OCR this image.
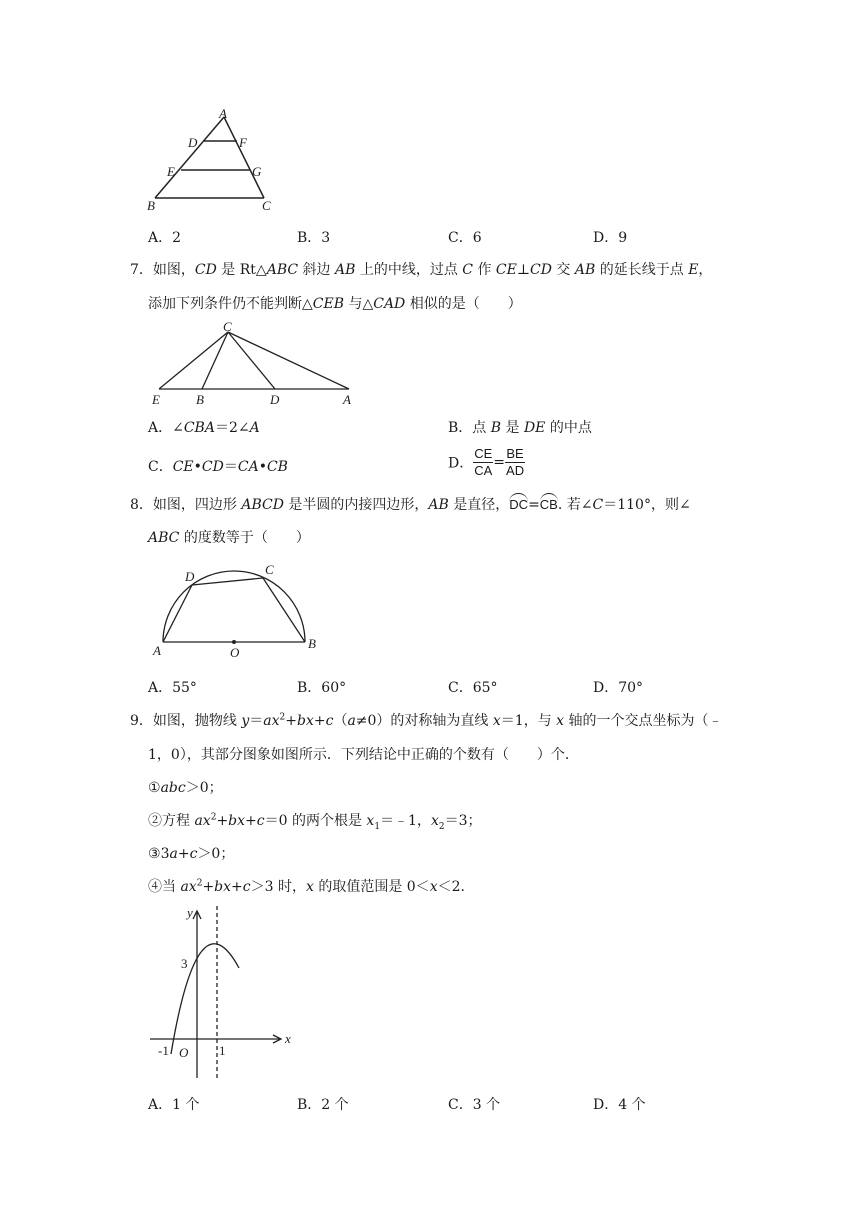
A
D	F
E	G
B	C
A．2	B．3	C．6	D．9
7．如图，CD 是 Rt△ABC 斜边 AB 上的中线，过点 C 作 CE⊥CD 交 AB 的延长线于点 E，
添加下列条件仍不能判断△CEB 与△CAD 相似的是（　　）
C
E	B	D	A
A．∠CBA＝2∠A	B．点 B 是 DE 的中点
C．CE•CD＝CA•CB	D． $\frac{CE}{CA} = \frac{BE}{AD}$
8．如图，四边形 ABCD 是半圆的内接四边形，AB 是直径，DC=CB. 若∠C＝110°，则∠
ABC 的度数等于（　　）
D	C
A	O
B
A．55°	B．60°	C．65°	D．70°
9．如图，抛物线 $y=ax^2+bx+c(a\ne 0)$的对称轴为直线 x＝1，与 x 轴的一个交点坐标为（﹣
1，0），其部分图象如图所示．下列结论中正确的个数有（　　）个．
①abc＞0；
②方程 $ax^2+bx+c=0$ 的两个根是 $x_1=﹣1$，$x_2=3$；
③3a+c＞0；
④当 $ax^2+bx+c>3$ 时，x 的取值范围是 0＜x＜2.
y
x
3
-1 O 1
A．1 个	B．2 个	C．3 个	D．4 个
